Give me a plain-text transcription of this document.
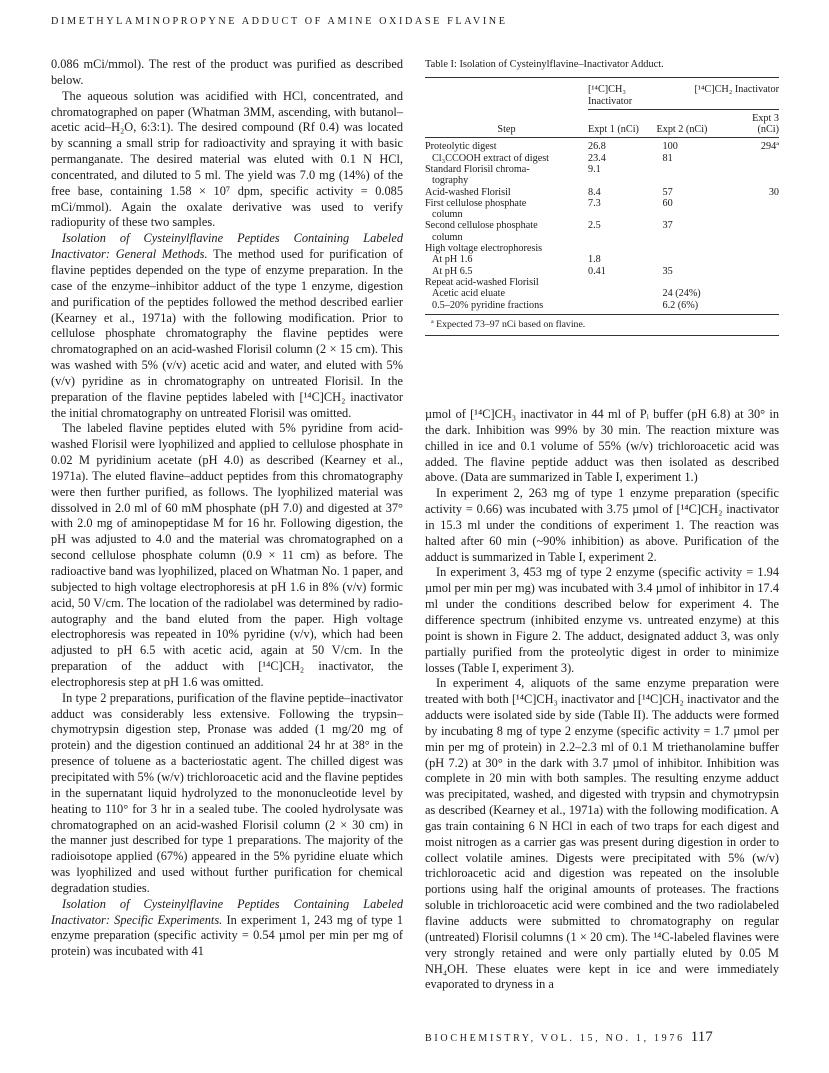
DIMETHYLAMINOPROPYNE ADDUCT OF AMINE OXIDASE FLAVINE

0.086 mCi/mmol). The rest of the product was purified as described below.

The aqueous solution was acidified with HCl, concentrated, and chromatographed on paper (Whatman 3MM, ascending, with butanol–acetic acid–H₂O, 6:3:1). The desired compound (Rf 0.4) was located by scanning a small strip for radioactivity and spraying it with basic permanganate. The desired material was eluted with 0.1 N HCl, concentrated, and diluted to 5 ml. The yield was 7.0 mg (14%) of the free base, containing 1.58 × 10⁷ dpm, specific activity = 0.085 mCi/mmol). Again the oxalate derivative was used to verify radiopurity of these two samples.

Isolation of Cysteinylflavine Peptides Containing Labeled Inactivator: General Methods. The method used for purification of flavine peptides depended on the type of enzyme preparation. In the case of the enzyme–inhibitor adduct of the type 1 enzyme, digestion and purification of the peptides followed the method described earlier (Kearney et al., 1971a) with the following modification. Prior to cellulose phosphate chromatography the flavine peptides were chromatographed on an acid-washed Florisil column (2 × 15 cm). This was washed with 5% (v/v) acetic acid and water, and eluted with 5% (v/v) pyridine as in chromatography on untreated Florisil. In the preparation of the flavine peptides labeled with [¹⁴C]CH₂ inactivator the initial chromatography on untreated Florisil was omitted.

The labeled flavine peptides eluted with 5% pyridine from acid-washed Florisil were lyophilized and applied to cellulose phosphate in 0.02 M pyridinium acetate (pH 4.0) as described (Kearney et al., 1971a). The eluted flavine–adduct peptides from this chromatography were then further purified, as follows. The lyophilized material was dissolved in 2.0 ml of 60 mM phosphate (pH 7.0) and digested at 37° with 2.0 mg of aminopeptidase M for 16 hr. Following digestion, the pH was adjusted to 4.0 and the material was chromatographed on a second cellulose phosphate column (0.9 × 11 cm) as before. The radioactive band was lyophilized, placed on Whatman No. 1 paper, and subjected to high voltage electrophoresis at pH 1.6 in 8% (v/v) formic acid, 50 V/cm. The location of the radiolabel was determined by radio-autography and the band eluted from the paper. High voltage electrophoresis was repeated in 10% pyridine (v/v), which had been adjusted to pH 6.5 with acetic acid, again at 50 V/cm. In the preparation of the adduct with [¹⁴C]CH₂ inactivator, the electrophoresis step at pH 1.6 was omitted.

In type 2 preparations, purification of the flavine peptide–inactivator adduct was considerably less extensive. Following the trypsin–chymotrypsin digestion step, Pronase was added (1 mg/20 mg of protein) and the digestion continued an additional 24 hr at 38° in the presence of toluene as a bacteriostatic agent. The chilled digest was precipitated with 5% (w/v) trichloroacetic acid and the flavine peptides in the supernatant liquid hydrolyzed to the mononucleotide level by heating to 110° for 3 hr in a sealed tube. The cooled hydrolysate was chromatographed on an acid-washed Florisil column (2 × 30 cm) in the manner just described for type 1 preparations. The majority of the radioisotope applied (67%) appeared in the 5% pyridine eluate which was lyophilized and used without further purification for chemical degradation studies.

Isolation of Cysteinylflavine Peptides Containing Labeled Inactivator: Specific Experiments. In experiment 1, 243 mg of type 1 enzyme preparation (specific activity = 0.54 µmol per min per mg of protein) was incubated with 41

Table I: Isolation of Cysteinylflavine–Inactivator Adduct.
	[¹⁴C]CH₃ Inactivator	[¹⁴C]CH₂ Inactivator	
Step	Expt 1 (nCi)	Expt 2 (nCi)	Expt 3 (nCi)
Proteolytic digest	26.8	100	294ª
Cl₃CCOOH extract of digest	23.4	81	
Standard Florisil chroma-	9.1		
tography			
Acid-washed Florisil	8.4	57	30
First cellulose phosphate	7.3	60	
column			
Second cellulose phosphate	2.5	37	
column			
High voltage electrophoresis			
At pH 1.6	1.8		
At pH 6.5	0.41	35	
Repeat acid-washed Florisil			
Acetic acid eluate		24 (24%)	
0.5–20% pyridine fractions		6.2 (6%)	
ª Expected 73–97 nCi based on flavine.

µmol of [¹⁴C]CH₃ inactivator in 44 ml of Pᵢ buffer (pH 6.8) at 30° in the dark. Inhibition was 99% by 30 min. The reaction mixture was chilled in ice and 0.1 volume of 55% (w/v) trichloroacetic acid was added. The flavine peptide adduct was then isolated as described above. (Data are summarized in Table I, experiment 1.)

In experiment 2, 263 mg of type 1 enzyme preparation (specific activity = 0.66) was incubated with 3.75 µmol of [¹⁴C]CH₂ inactivator in 15.3 ml under the conditions of experiment 1. The reaction was halted after 60 min (~90% inhibition) as above. Purification of the adduct is summarized in Table I, experiment 2.

In experiment 3, 453 mg of type 2 enzyme (specific activity = 1.94 µmol per min per mg) was incubated with 3.4 µmol of inhibitor in 17.4 ml under the conditions described below for experiment 4. The difference spectrum (inhibited enzyme vs. untreated enzyme) at this point is shown in Figure 2. The adduct, designated adduct 3, was only partially purified from the proteolytic digest in order to minimize losses (Table I, experiment 3).

In experiment 4, aliquots of the same enzyme preparation were treated with both [¹⁴C]CH₃ inactivator and [¹⁴C]CH₂ inactivator and the adducts were isolated side by side (Table II). The adducts were formed by incubating 8 mg of type 2 enzyme (specific activity = 1.7 µmol per min per mg of protein) in 2.2–2.3 ml of 0.1 M triethanolamine buffer (pH 7.2) at 30° in the dark with 3.7 µmol of inhibitor. Inhibition was complete in 20 min with both samples. The resulting enzyme adduct was precipitated, washed, and digested with trypsin and chymotrypsin as described (Kearney et al., 1971a) with the following modification. A gas train containing 6 N HCl in each of two traps for each digest and moist nitrogen as a carrier gas was present during digestion in order to collect volatile amines. Digests were precipitated with 5% (w/v) trichloroacetic acid and digestion was repeated on the insoluble portions using half the original amounts of proteases. The fractions soluble in trichloroacetic acid were combined and the two radiolabeled flavine adducts were submitted to chromatography on regular (untreated) Florisil columns (1 × 20 cm). The ¹⁴C-labeled flavines were very strongly retained and were only partially eluted by 0.05 M NH₄OH. These eluates were kept in ice and were immediately evaporated to dryness in a

BIOCHEMISTRY, VOL. 15, NO. 1, 1976 117
